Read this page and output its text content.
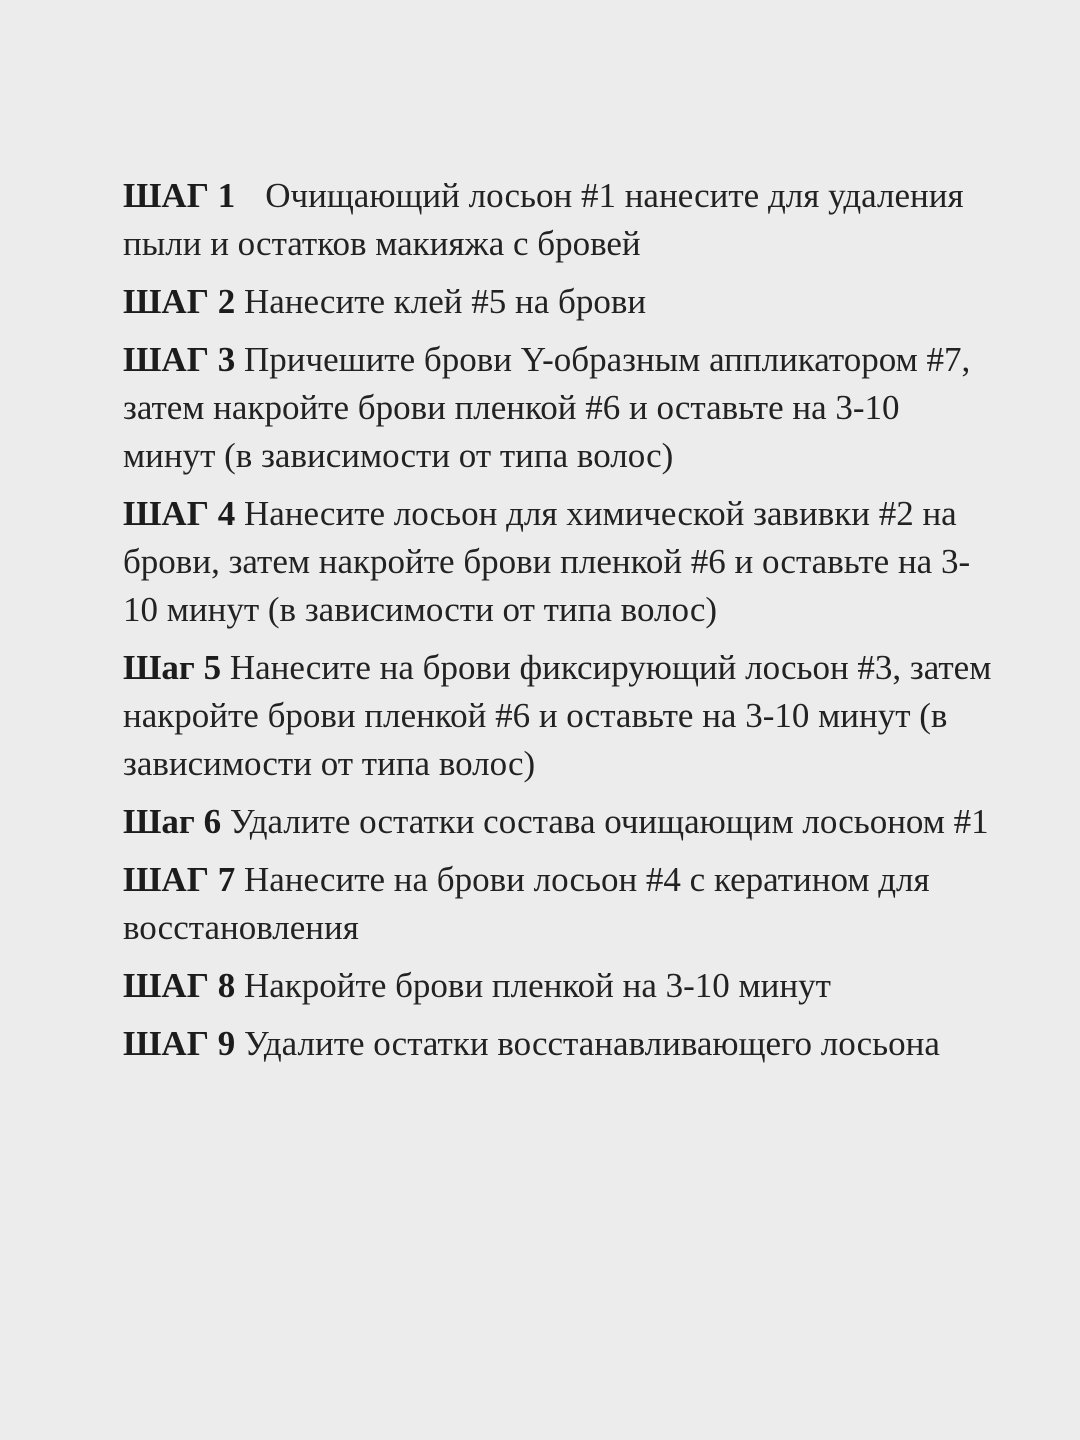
ШАГ 1 Очищающий лосьон #1 нанесите для удаления пыли и остатков макияжа с бровей

ШАГ 2 Нанесите клей #5 на брови

ШАГ 3 Причешите брови Y-образным аппликатором #7, затем накройте брови пленкой #6 и оставьте на 3-10 минут (в зависимости от типа волос)

ШАГ 4 Нанесите лосьон для химической завивки #2 на брови, затем накройте брови пленкой #6 и оставьте на 3-10 минут (в зависимости от типа волос)

Шаг 5 Нанесите на брови фиксирующий лосьон #3, затем накройте брови пленкой #6 и оставьте на 3-10 минут (в зависимости от типа волос)

Шаг 6 Удалите остатки состава очищающим лосьоном #1

ШАГ 7 Нанесите на брови лосьон #4 с кератином для восстановления

ШАГ 8 Накройте брови пленкой на 3-10 минут

ШАГ 9 Удалите остатки восстанавливающего лосьона
